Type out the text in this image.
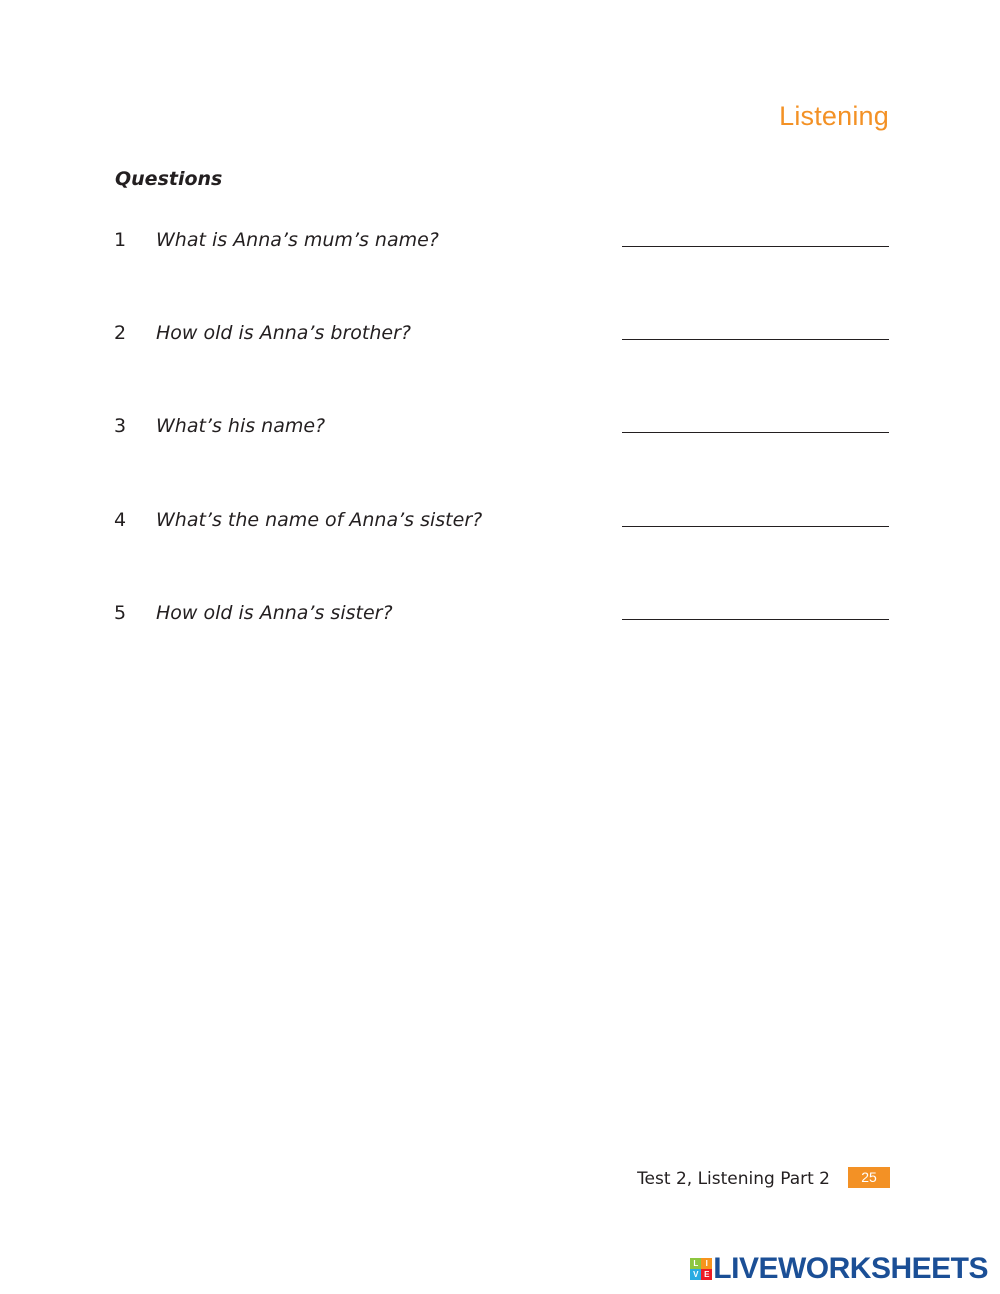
Listening
Questions
1 What is Anna’s mum’s name?
2 How old is Anna’s brother?
3 What’s his name?
4 What’s the name of Anna’s sister?
5 How old is Anna’s sister?
Test 2, Listening Part 2	25
L I
V E LIVEWORKSHEETS
